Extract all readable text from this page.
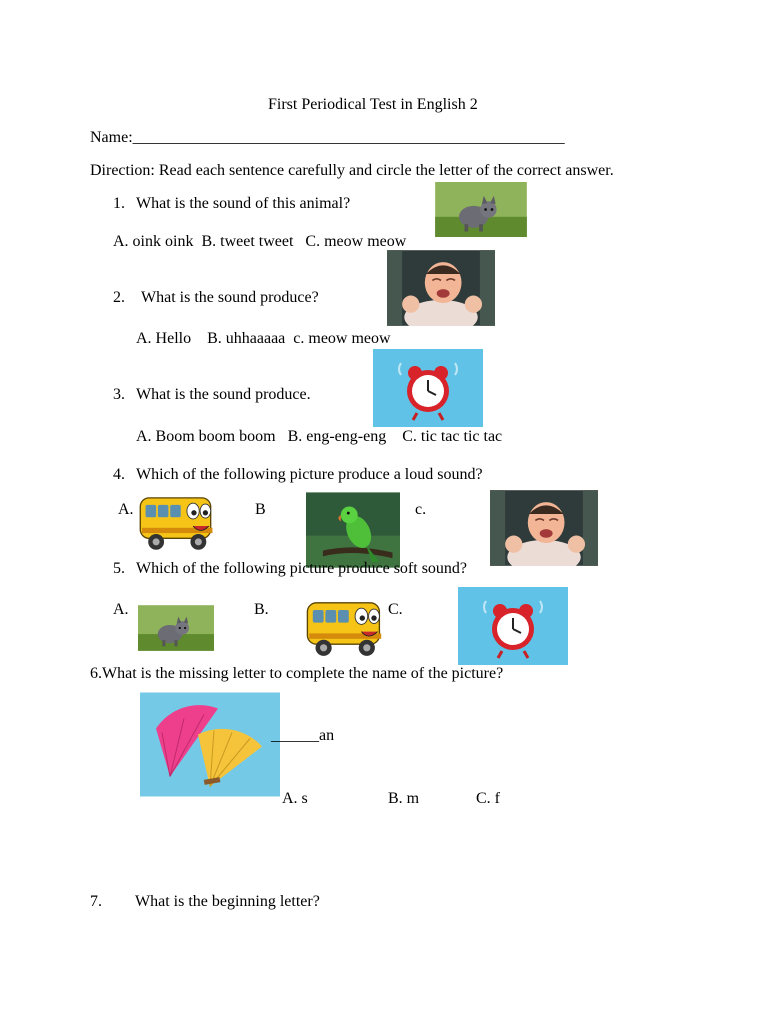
First Periodical Test in English 2
Name:______________________________________________________
Direction: Read each sentence carefully and circle the letter of the correct answer.
1. What is the sound of this animal?
A. oink oink  B. tweet tweet   C. meow meow
2. What is the sound produce?
A. Hello    B. uhhaaaaa  c. meow meow
3. What is the sound produce.
A. Boom boom boom   B. eng-eng-eng    C. tic tac tic tac
4. Which of the following picture produce a loud sound?
A.	B	c.
5. Which of the following picture produce soft sound?
A.	B.	C.
6.What is the missing letter to complete the name of the picture?
______an
A. s	B. m	C. f
7. What is the beginning letter?
